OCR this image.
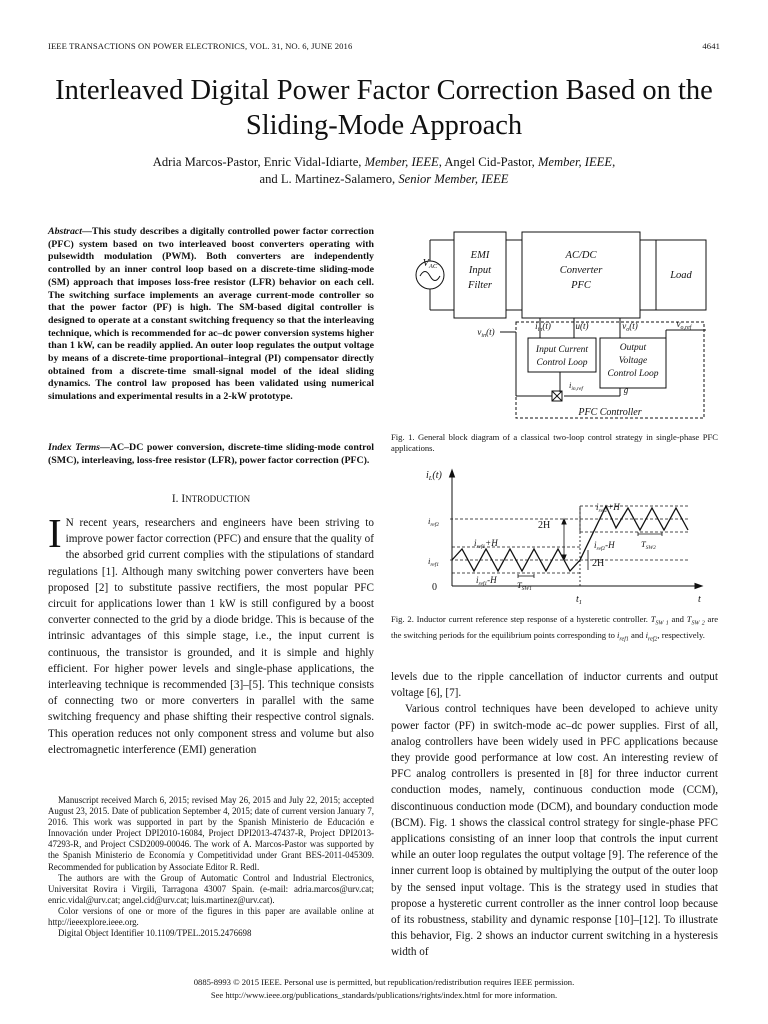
IEEE TRANSACTIONS ON POWER ELECTRONICS, VOL. 31, NO. 6, JUNE 2016	4641
Interleaved Digital Power Factor Correction Based on the Sliding-Mode Approach

Adria Marcos-Pastor, Enric Vidal-Idiarte, Member, IEEE, Angel Cid-Pastor, Member, IEEE,
and L. Martinez-Salamero, Senior Member, IEEE

Abstract—This study describes a digitally controlled power factor correction (PFC) system based on two interleaved boost converters operating with pulsewidth modulation (PWM). Both converters are independently controlled by an inner control loop based on a discrete-time sliding-mode (SM) approach that imposes loss-free resistor (LFR) behavior on each cell. The switching surface implements an average current-mode controller so that the power factor (PF) is high. The SM-based digital controller is designed to operate at a constant switching frequency so that the interleaving technique, which is recommended for ac–dc power conversion systems higher than 1 kW, can be readily applied. An outer loop regulates the output voltage by means of a discrete-time proportional–integral (PI) compensator directly obtained from a discrete-time small-signal model of the ideal sliding dynamics. The control law proposed has been validated using numerical simulations and experimental results in a 2-kW prototype.

Index Terms—AC–DC power conversion, discrete-time sliding-mode control (SMC), interleaving, loss-free resistor (LFR), power factor correction (PFC).

I. INTRODUCTION

I N recent years, researchers and engineers have been striving to improve power factor correction (PFC) and ensure that the quality of the absorbed grid current complies with the stipulations of standard regulations [1]. Although many switching power converters have been proposed [2] to substitute passive rectifiers, the most popular PFC circuit for applications lower than 1 kW is still configured by a boost converter connected to the grid by a diode bridge. This is because of the intrinsic advantages of this simple stage, i.e., the input current is continuous, the transistor is grounded, and it is simple and highly efficient. For higher power levels and single-phase applications, the interleaving technique is recommended [3]–[5]. This technique consists of connecting two or more converters in parallel with the same switching frequency and phase shifting their respective control signals. This operation reduces not only component stress and volume but also electromagnetic interference (EMI) generation

Manuscript received March 6, 2015; revised May 26, 2015 and July 22, 2015; accepted August 23, 2015. Date of publication September 4, 2015; date of current version January 7, 2016. This work was supported in part by the Spanish Ministerio de Educación e Innovación under Project DPI2010-16084, Project DPI2013-47437-R, Project DPI2013-47293-R, and Project CSD2009-00046. The work of A. Marcos-Pastor was supported by the Spanish Ministerio de Economía y Competitividad under Grant BES-2011-045309. Recommended for publication by Associate Editor R. Redl.

The authors are with the Group of Automatic Control and Industrial Electronics, Universitat Rovira i Virgili, Tarragona 43007 Spain. (e-mail: adria.marcos@urv.cat; enric.vidal@urv.cat; angel.cid@urv.cat; luis.martinez@urv.cat).

Color versions of one or more of the figures in this paper are available online at http://ieeexplore.ieee.org.

Digital Object Identifier 10.1109/TPEL.2015.2476698

$V_{AC}$
EMI
Input
Filter
AC/DC
Converter
PFC
Load
$i_{in}(t)$	u(t)	$v_o(t)$	$v_{o,ref}$
$v_{in}(t)$
Input Current
Control Loop
Output
Voltage
Control Loop
$i_{in,ref}$	g
PFC Controller

Fig. 1. General block diagram of a classical two-loop control strategy in single-phase PFC applications.

$i_L(t)$
t
$t_1$
0
$i_{ref2}$
$i_{ref1}$
2H
2H
$i_{ref1}+H$
$i_{ref1}-H$
$i_{ref2}+H$
$i_{ref2}-H$
$T_{SW1}$
$T_{SW2}$

Fig. 2. Inductor current reference step response of a hysteretic controller. $T_{SW 1}$ and $T_{SW 2}$ are the switching periods for the equilibrium points corresponding to $i_{ref1}$ and $i_{ref2}$, respectively.

levels due to the ripple cancellation of inductor currents and output voltage [6], [7].

Various control techniques have been developed to achieve unity power factor (PF) in switch-mode ac–dc power supplies. First of all, analog controllers have been widely used in PFC applications because they provide good performance at low cost. An interesting review of PFC analog controllers is presented in [8] for three inductor current conduction modes, namely, continuous conduction mode (CCM), discontinuous conduction mode (DCM), and boundary conduction mode (BCM). Fig. 1 shows the classical control strategy for single-phase PFC applications consisting of an inner loop that controls the input current while an outer loop regulates the output voltage [9]. The reference of the inner current loop is obtained by multiplying the output of the outer loop by the sensed input voltage. This is the strategy used in studies that propose a hysteretic current controller as the inner control loop because of its robustness, stability and dynamic response [10]–[12]. To illustrate this behavior, Fig. 2 shows an inductor current switching in a hysteresis width of

0885-8993 © 2015 IEEE. Personal use is permitted, but republication/redistribution requires IEEE permission.
See http://www.ieee.org/publications_standards/publications/rights/index.html for more information.
